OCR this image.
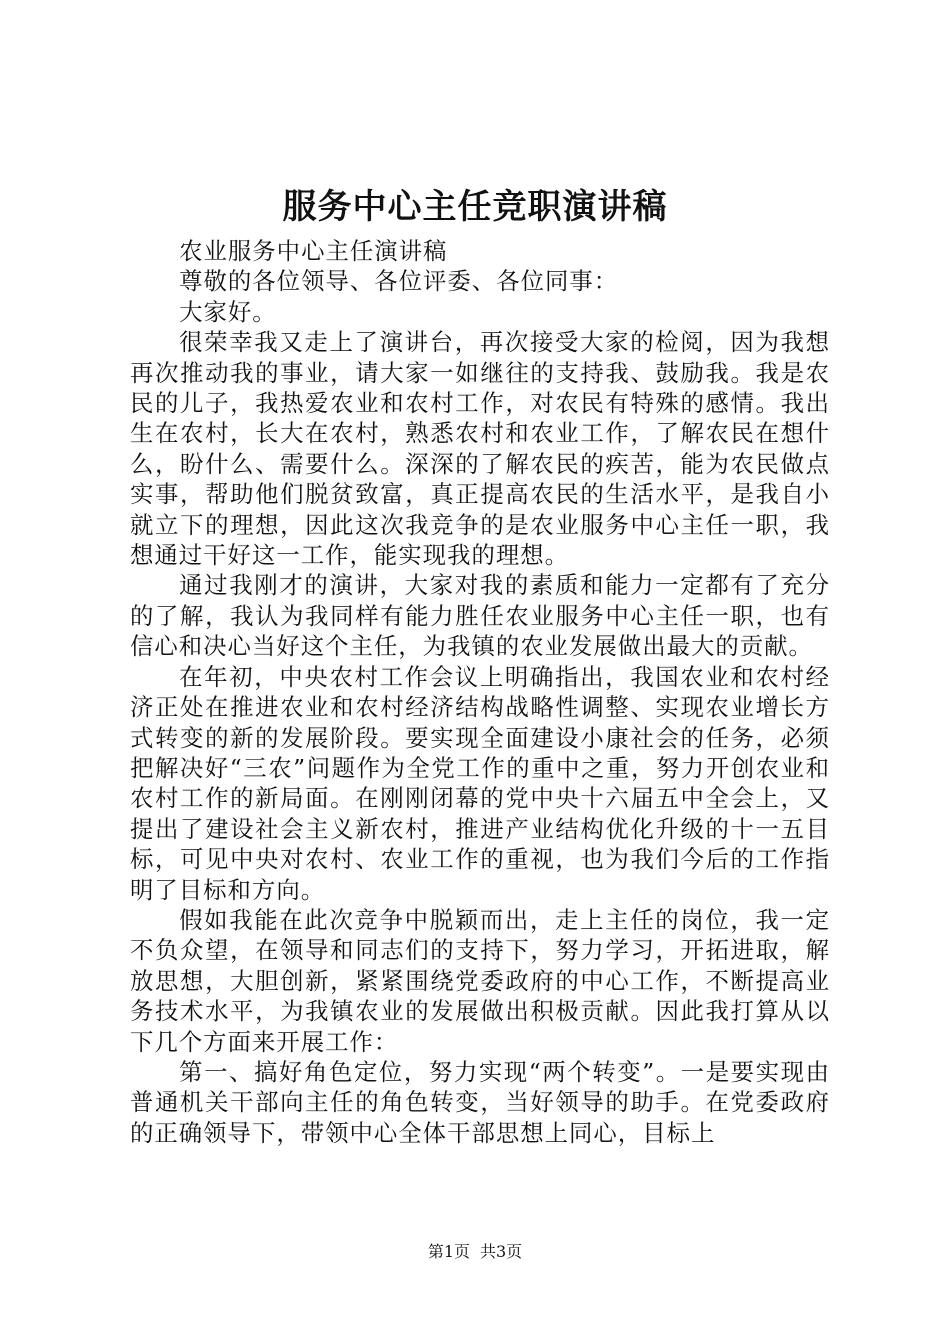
服务中心主任竞职演讲稿

农业服务中心主任演讲稿

尊敬的各位领导、各位评委、各位同事：

大家好。

很荣幸我又走上了演讲台，再次接受大家的检阅，因为我想再次推动我的事业，请大家一如继往的支持我、鼓励我。我是农民的儿子，我热爱农业和农村工作，对农民有特殊的感情。我出生在农村，长大在农村，熟悉农村和农业工作，了解农民在想什么，盼什么、需要什么。深深的了解农民的疾苦，能为农民做点实事，帮助他们脱贫致富，真正提高农民的生活水平，是我自小就立下的理想，因此这次我竞争的是农业服务中心主任一职，我想通过干好这一工作，能实现我的理想。

通过我刚才的演讲，大家对我的素质和能力一定都有了充分的了解，我认为我同样有能力胜任农业服务中心主任一职，也有信心和决心当好这个主任，为我镇的农业发展做出最大的贡献。

在年初，中央农村工作会议上明确指出，我国农业和农村经济正处在推进农业和农村经济结构战略性调整、实现农业增长方式转变的新的发展阶段。要实现全面建设小康社会的任务，必须把解决好“三农”问题作为全党工作的重中之重，努力开创农业和农村工作的新局面。在刚刚闭幕的党中央十六届五中全会上，又提出了建设社会主义新农村，推进产业结构优化升级的十一五目标，可见中央对农村、农业工作的重视，也为我们今后的工作指明了目标和方向。

假如我能在此次竞争中脱颖而出，走上主任的岗位，我一定不负众望，在领导和同志们的支持下，努力学习，开拓进取，解放思想，大胆创新，紧紧围绕党委政府的中心工作，不断提高业务技术水平，为我镇农业的发展做出积极贡献。因此我打算从以下几个方面来开展工作：

第一、搞好角色定位，努力实现“两个转变”。一是要实现由普通机关干部向主任的角色转变，当好领导的助手。在党委政府的正确领导下，带领中心全体干部思想上同心，目标上

第1页 共3页
